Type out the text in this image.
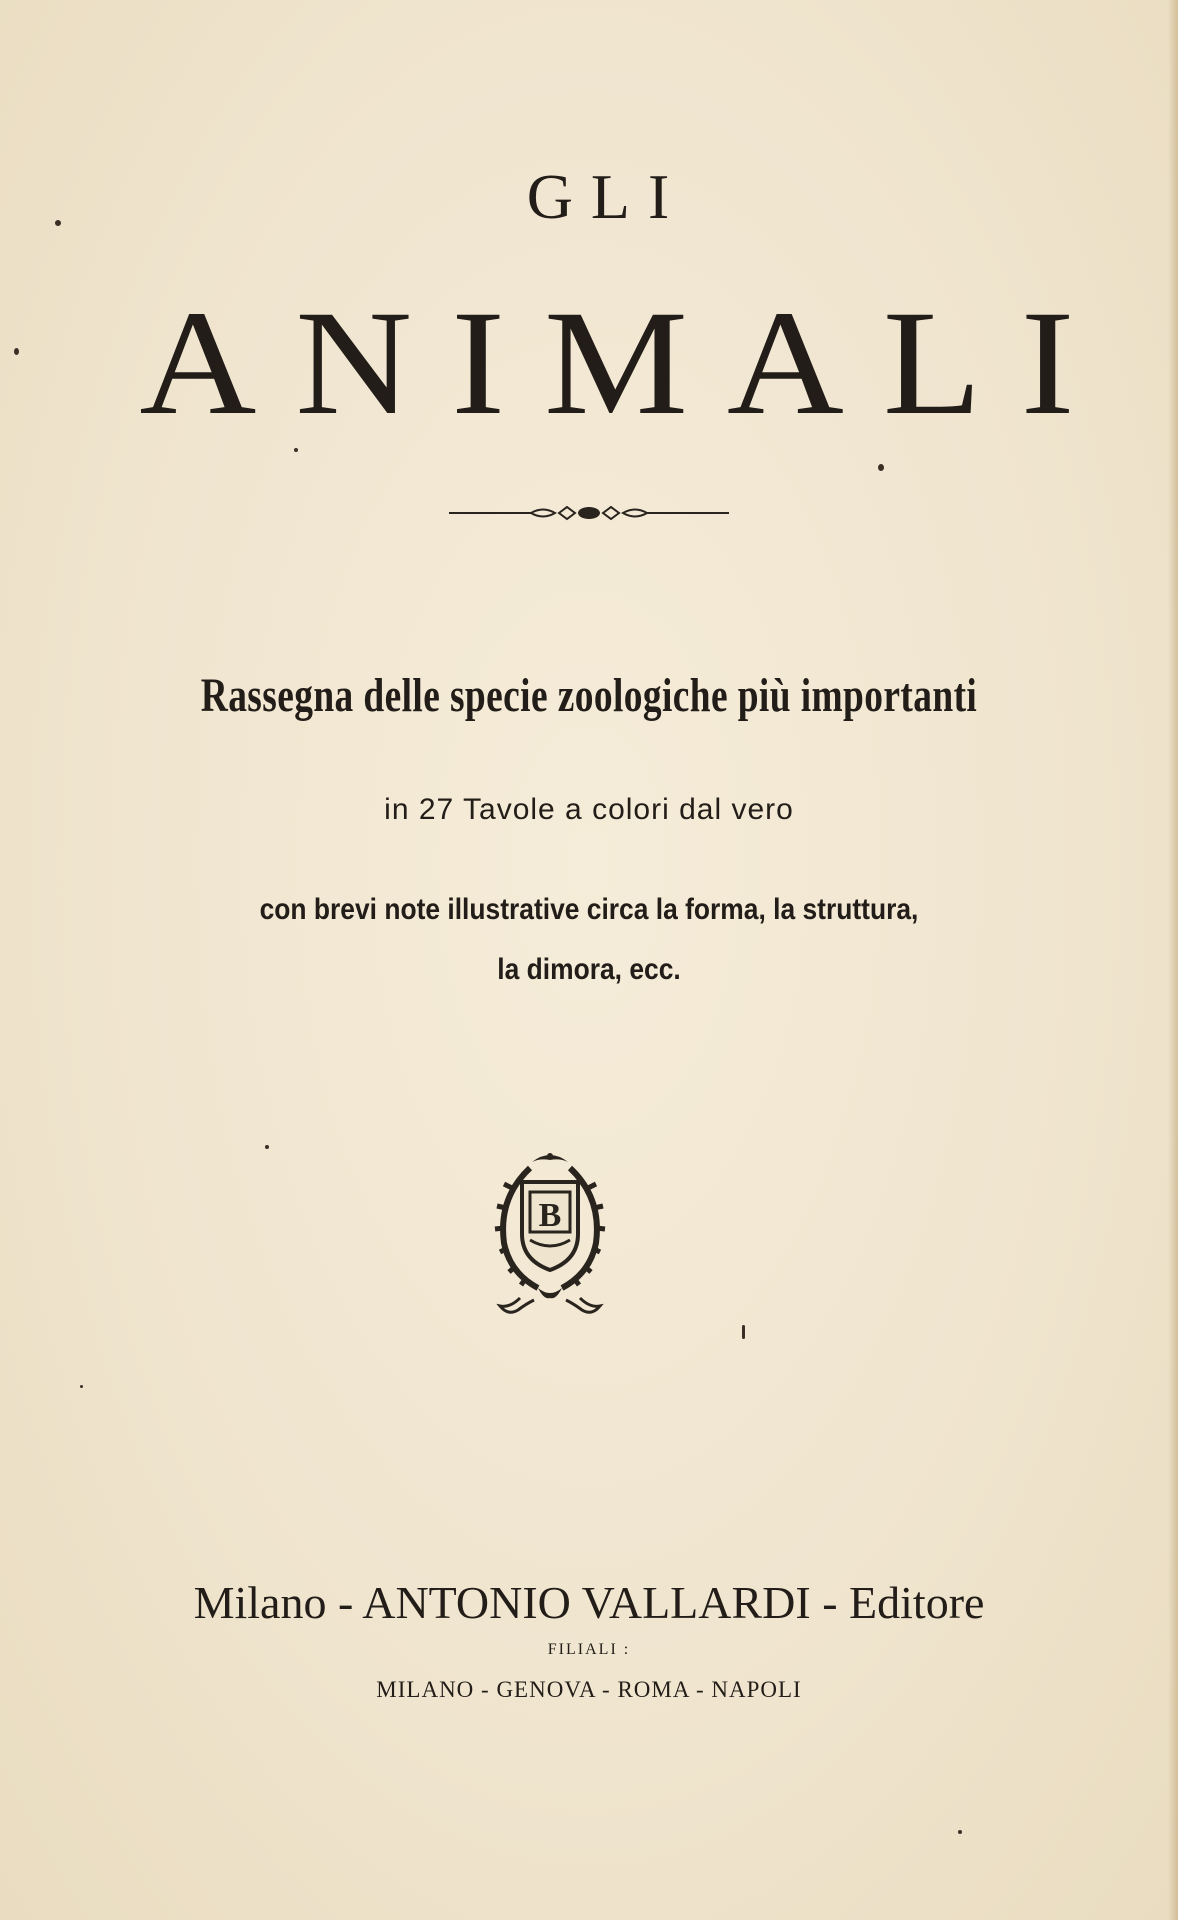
GLI
ANIMALI
Rassegna delle specie zoologiche più importanti
in 27 Tavole a colori dal vero
con brevi note illustrative circa la forma, la struttura,
la dimora, ecc.
B
Milano - ANTONIO VALLARDI - Editore
FILIALI :
MILANO - GENOVA - ROMA - NAPOLI
